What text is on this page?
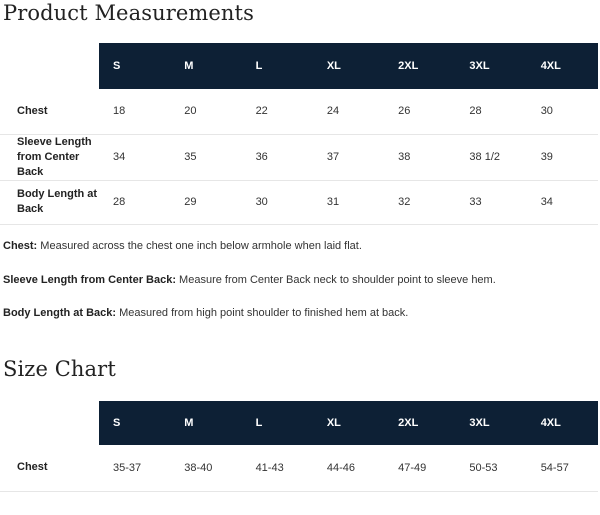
Product Measurements
	S	M	L	XL	2XL	3XL	4XL
Chest	18	20	22	24	26	28	30
Sleeve Length from Center Back	34	35	36	37	38	38 1/2	39
Body Length at Back	28	29	30	31	32	33	34

Chest: Measured across the chest one inch below armhole when laid flat.

Sleeve Length from Center Back: Measure from Center Back neck to shoulder point to sleeve hem.

Body Length at Back: Measured from high point shoulder to finished hem at back.

Size Chart
	S	M	L	XL	2XL	3XL	4XL
Chest	35-37	38-40	41-43	44-46	47-49	50-53	54-57
